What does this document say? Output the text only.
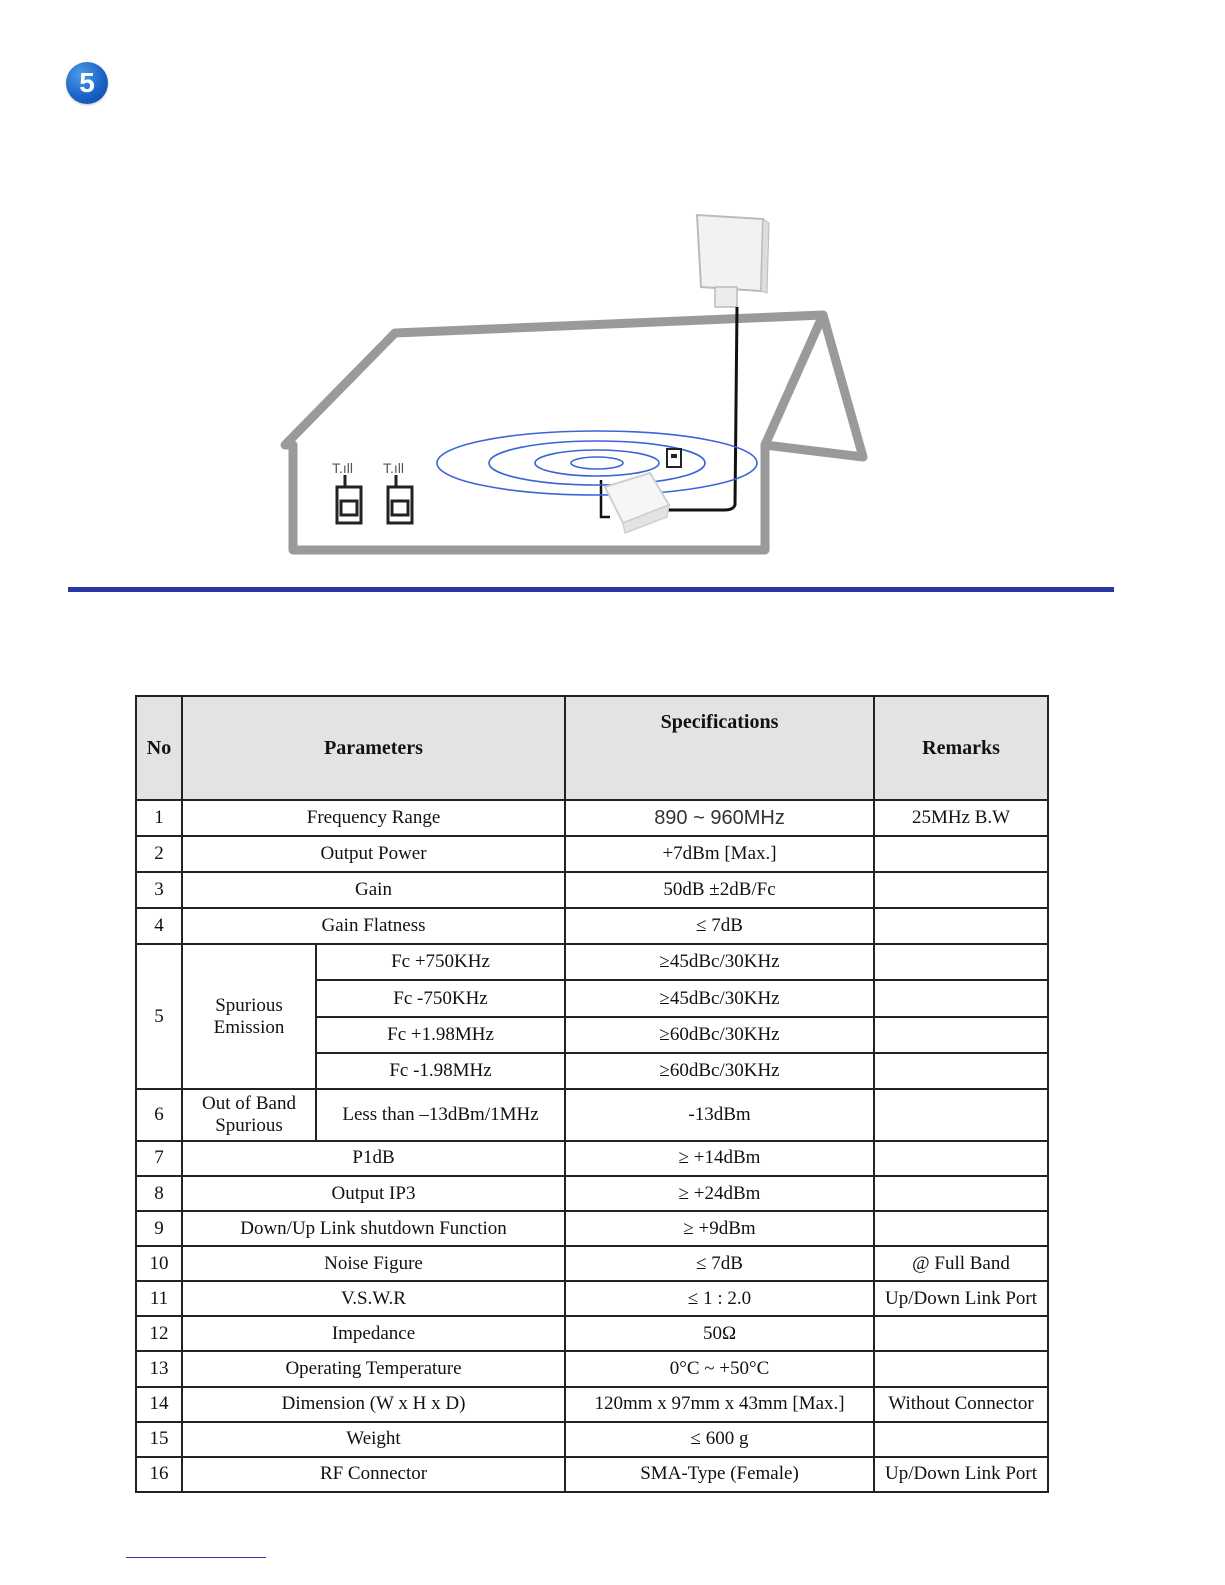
5
T.ıll T.ıll
No	Parameters		Specifications	Remarks
1	Frequency Range		890 ~ 960MHz	25MHz B.W
2	Output Power		+7dBm [Max.]	
3	Gain		50dB ±2dB/Fc	
4	Gain Flatness		≤ 7dB	
5	Spurious Emission	Fc +750KHz	≥45dBc/30KHz	
		Fc -750KHz	≥45dBc/30KHz	
		Fc +1.98MHz	≥60dBc/30KHz	
		Fc -1.98MHz	≥60dBc/30KHz	
6	Out of Band Spurious	Less than –13dBm/1MHz	-13dBm	
7	P1dB		≥ +14dBm	
8	Output IP3		≥ +24dBm	
9	Down/Up Link shutdown Function		≥ +9dBm	
10	Noise Figure		≤ 7dB	@ Full Band
11	V.S.W.R		≤ 1 : 2.0	Up/Down Link Port
12	Impedance		50Ω	
13	Operating Temperature		0°C ~ +50°C	
14	Dimension (W x H x D)		120mm x 97mm x 43mm [Max.]	Without Connector
15	Weight		≤ 600 g	
16	RF Connector		SMA-Type (Female)	Up/Down Link Port
